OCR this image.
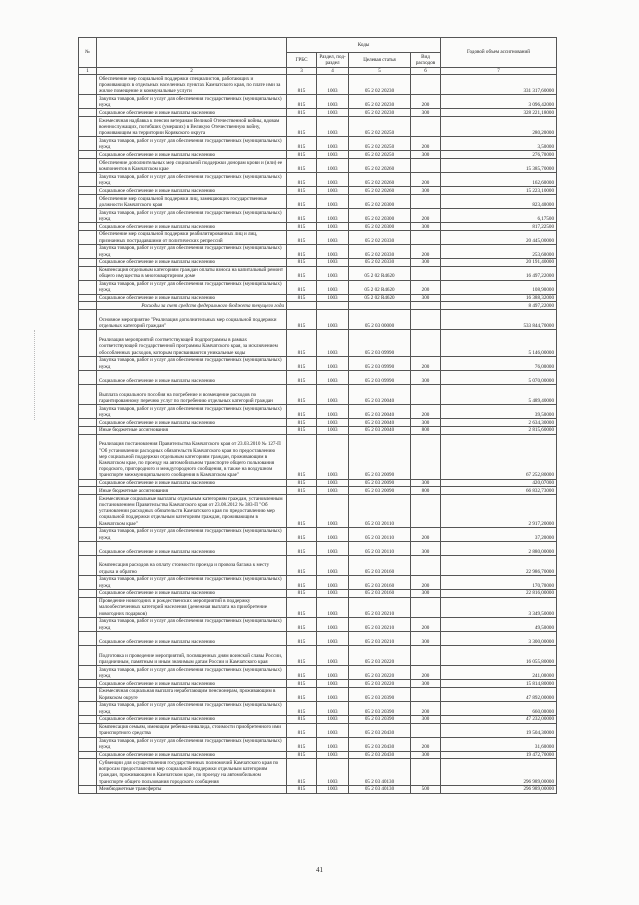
№		Коды				Годовой объем ассигнований
		ГРБС	Раздел, под- раздел	Целевая статья	Вид расходов	
1	2	3	4	5	6	7
	Обеспечение мер социальной поддержки специалистов, работающих и проживающих в отдельных населенных пунктах Камчатского края, по плате ими за жилое помещение и коммунальные услуги	815	1003	05 2 02 20230		331 317,60000
	Закупка товаров, работ и услуг для обеспечения государственных (муниципальных) нужд	815	1003	05 2 02 20230	200	3 096,42000
	Социальное обеспечение и иные выплаты населению	815	1003	05 2 02 20230	300	328 221,18000
	Ежемесячная надбавка к пенсии ветеранам Великой Отечественной войны, вдовам военнослужащих, погибших (умерших) в Великую Отечественную войну, проживающим на территории Корякского округа	815	1003	05 2 02 20250		280,20000
	Закупка товаров, работ и услуг для обеспечения государственных (муниципальных) нужд	815	1003	05 2 02 20250	200	3,50000
	Социальное обеспечение и иные выплаты населению	815	1003	05 2 02 20250	300	276,70000
	Обеспечение дополнительных мер социальной поддержки донорам крови и (или) ее компонентов в Камчатском крае	815	1003	05 2 02 20260		15 385,70000
	Закупка товаров, работ и услуг для обеспечения государственных (муниципальных) нужд	815	1003	05 2 02 20260	200	162,60000
	Социальное обеспечение и иные выплаты населению	815	1003	05 2 02 20260	300	15 223,10000
	Обеспечение мер социальной поддержки лиц, замещающих государственные должности Камчатского края	815	1003	05 2 02 20300		823,40000
	Закупка товаров, работ и услуг для обеспечения государственных (муниципальных) нужд	815	1003	05 2 02 20300	200	6,17500
	Социальное обеспечение и иные выплаты населению	815	1003	05 2 02 20300	300	817,22500
	Обеспечение мер социальной поддержки реабилитированных лиц и лиц, признанных пострадавшими от политических репрессий	815	1003	05 2 02 20330		20 445,00000
	Закупка товаров, работ и услуг для обеспечения государственных (муниципальных) нужд	815	1003	05 2 02 20330	200	253,60000
	Социальное обеспечение и иные выплаты населению	815	1003	05 2 02 20330	300	20 191,40000
	Компенсация отдельным категориям граждан оплаты взноса на капитальный ремонт общего имущества в многоквартирном доме	815	1003	05 2 02 R4620		16 497,22000
	Закупка товаров, работ и услуг для обеспечения государственных (муниципальных) нужд	815	1003	05 2 02 R4620	200	108,90000
	Социальное обеспечение и иные выплаты населению	815	1003	05 2 02 R4620	300	16 388,32000
	Расходы за счет средств федерального бюджета текущего года					8 497,22000
	Основное мероприятие "Реализация дополнительных мер социальной поддержки отдельных категорий граждан"	815	1003	05 2 03 00000		533 844,70000
	Реализация мероприятий соответствующей подпрограммы в рамках соответствующей государственной программы Камчатского края, за исключением обособленных расходов, которым присваиваются уникальные коды	815	1003	05 2 03 09990		5 146,00000
	Закупка товаров, работ и услуг для обеспечения государственных (муниципальных) нужд	815	1003	05 2 03 09990	200	76,00000
	Социальное обеспечение и иные выплаты населению	815	1003	05 2 03 09990	300	5 070,00000
	Выплата социального пособия на погребение и возмещение расходов по гарантированному перечню услуг по погребению отдельных категорий граждан	815	1003	05 2 03 20040		5 489,40000
	Закупка товаров, работ и услуг для обеспечения государственных (муниципальных) нужд	815	1003	05 2 03 20040	200	39,50000
	Социальное обеспечение и иные выплаты населению	815	1003	05 2 03 20040	300	2 634,30000
	Иные бюджетные ассигнования	815	1003	05 2 03 20040	800	2 815,60000
	Реализация постановления Правительства Камчатского края от 23.03.2010 № 127-П "Об установлении расходных обязательств Камчатского края по предоставлению мер социальной поддержки отдельным категориям граждан, проживающим в Камчатском крае, по проезду на автомобильном транспорте общего пользования городского, пригородного и междугородного сообщения, в также на воздушном транспорте межмуниципального сообщения в Камчатском крае"	815	1003	05 2 03 20090		67 252,80000
	Социальное обеспечение и иные выплаты населению	815	1003	05 2 03 20090	300	420,07000
	Иные бюджетные ассигнования	815	1003	05 2 03 20090	800	66 832,73000
	Ежемесячные социальные выплаты отдельным категориям граждан, установленным постановлением Правительства Камчатского края от 23.08.2012 № 383-П "Об установлении расходных обязательств Камчатского края по предоставлению мер социальной поддержки отдельным категориям граждан, проживающим в Камчатском крае"	815	1003	05 2 03 20110		2 917,20000
	Закупка товаров, работ и услуг для обеспечения государственных (муниципальных) нужд	815	1003	05 2 03 20110	200	37,20000
	Социальное обеспечение и иные выплаты населению	815	1003	05 2 03 20110	300	2 880,00000
	Компенсация расходов на оплату стоимости проезда и провоза багажа к месту отдыха и обратно	815	1003	05 2 03 20160		22 986,70000
	Закупка товаров, работ и услуг для обеспечения государственных (муниципальных) нужд	815	1003	05 2 03 20160	200	170,70000
	Социальное обеспечение и иные выплаты населению	815	1003	05 2 03 20160	300	22 816,00000
	Проведение новогодних и рождественских мероприятий в поддержку малообеспеченных категорий населения (денежная выплата на приобретение новогодних подарков)	815	1003	05 2 03 20210		3 349,50000
	Закупка товаров, работ и услуг для обеспечения государственных (муниципальных) нужд	815	1003	05 2 03 20210	200	49,50000
	Социальное обеспечение и иные выплаты населению	815	1003	05 2 03 20210	300	3 300,00000
	Подготовка и проведение мероприятий, посвященных дням воинской славы России, праздничным, памятным и иным значимым датам России и Камчатского края	815	1003	05 2 03 20220		16 055,80000
	Закупка товаров, работ и услуг для обеспечения государственных (муниципальных) нужд	815	1003	05 2 03 20220	200	241,00000
	Социальное обеспечение и иные выплаты населению	815	1003	05 2 03 20220	300	15 814,80000
	Ежемесячная социальная выплата неработающим пенсионерам, проживающим в Корякском округе	815	1003	05 2 03 20390		47 892,00000
	Закупка товаров, работ и услуг для обеспечения государственных (муниципальных) нужд	815	1003	05 2 03 20390	200	660,00000
	Социальное обеспечение и иные выплаты населению	815	1003	05 2 03 20390	300	47 232,00000
	Компенсация семьям, имеющим ребенка-инвалида, стоимости приобретенного ими транспортного средства	815	1003	05 2 03 20430		19 504,30000
	Закупка товаров, работ и услуг для обеспечения государственных (муниципальных) нужд	815	1003	05 2 03 20430	200	31,60000
	Социальное обеспечение и иные выплаты населению	815	1003	05 2 03 20430	300	19 472,70000
	Субвенции для осуществления государственных полномочий Камчатского края по вопросам предоставления мер социальной поддержки отдельным категориям граждан, проживающим в Камчатском крае, по проезду на автомобильном транспорте общего пользования городского сообщения	815	1003	05 2 03 40130		296 989,00000
	Межбюджетные трансферты	815	1003	05 2 03 40130	500	296 989,00000
41
